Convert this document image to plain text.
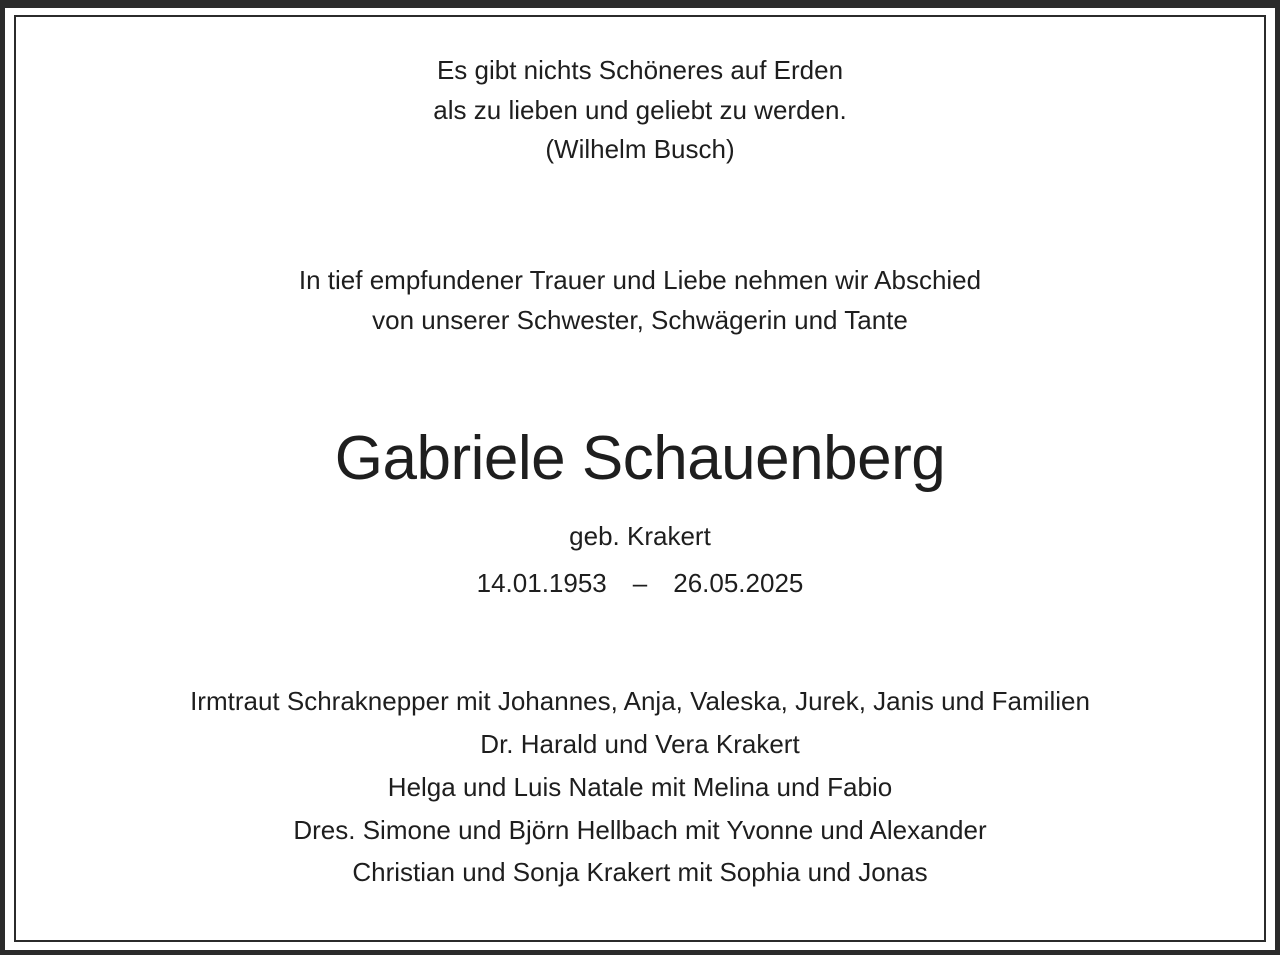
Es gibt nichts Schöneres auf Erden
als zu lieben und geliebt zu werden.
(Wilhelm Busch)
In tief empfundener Trauer und Liebe nehmen wir Abschied
von unserer Schwester, Schwägerin und Tante
Gabriele Schauenberg
geb. Krakert
14.01.1953 – 26.05.2025
Irmtraut Schraknepper mit Johannes, Anja, Valeska, Jurek, Janis und Familien
Dr. Harald und Vera Krakert
Helga und Luis Natale mit Melina und Fabio
Dres. Simone und Björn Hellbach mit Yvonne und Alexander
Christian und Sonja Krakert mit Sophia und Jonas
